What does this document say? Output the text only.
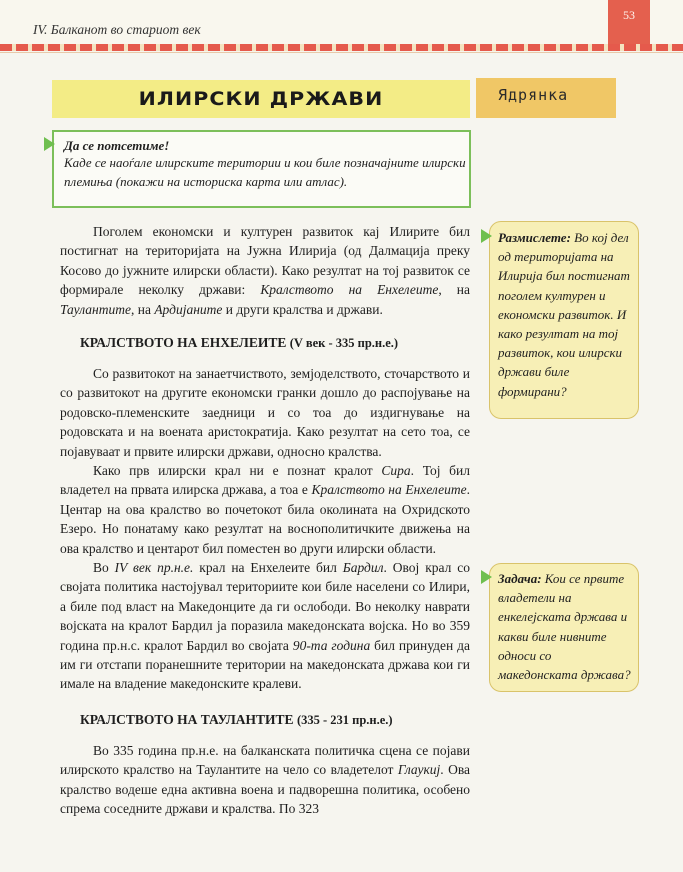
IV. Балканот во стариот век
53
ИЛИРСКИ ДРЖАВИ	Ядрянка
Да се потсетиме!
Каде се наоѓале илирските територии и кои биле позначајните илирски племиња (покажи на историска карта или атлас).
Поголем економски и културен развиток кај Илирите бил постигнат на територијата на Јужна Илирија (од Далмација преку Косово до јужните илирски области). Како резултат на тој развиток се формирале неколку држави: Кралството на Енхелеите, на Таулантите, на Ардијаните и други кралства и држави.
КРАЛСТВОТО НА ЕНХЕЛЕИТЕ (V век - 335 пр.н.е.)
Со развитокот на занаетчиството, земјоделството, сточарството и со развитокот на другите економски гранки дошло до распојување на родовско-племенските заедници и со тоа до издигнување на родовската и на воената аристократија. Како резултат на сето тоа, се појавуваат и првите илирски држави, односно кралства.
Како прв илирски крал ни е познат кралот Сира. Тој бил владетел на првата илирска држава, а тоа е Кралството на Енхелеите. Центар на ова кралство во почетокот била околината на Охридското Езеро. Но понатаму како резултат на воснополитичките движења на ова кралство и центарот бил поместен во други илирски области.
Во IV век пр.н.е. крал на Енхелеите бил Бардил. Овој крал со својата политика настојувал териториите кои биле населени со Илири, а биле под власт на Македонците да ги ослободи. Во неколку наврати војската на кралот Бардил ја поразила македонската војска. Но во 359 година пр.н.с. кралот Бардил во својата 90-та година бил принуден да им ги отстапи поранешните територии на македонската држава кои ги имале на владение македонските кралеви.
КРАЛСТВОТО НА ТАУЛАНТИТЕ (335 - 231 пр.н.е.)
Во 335 година пр.н.е. на балканската политичка сцена се појави илирското кралство на Таулантите на чело со владетелот Глаукиј. Ова кралство водеше една активна воена и падворешна политика, особено спрема соседните држави и кралства. По 323
Размислете: Во кој дел од територијата на Илирија бил постигнат поголем културен и економски развиток. И како резултат на тој развиток, кои илирски држави биле формирани?
Задача: Кои се првите владетели на енкелејската држава и какви биле нивните односи со македонската држава?
